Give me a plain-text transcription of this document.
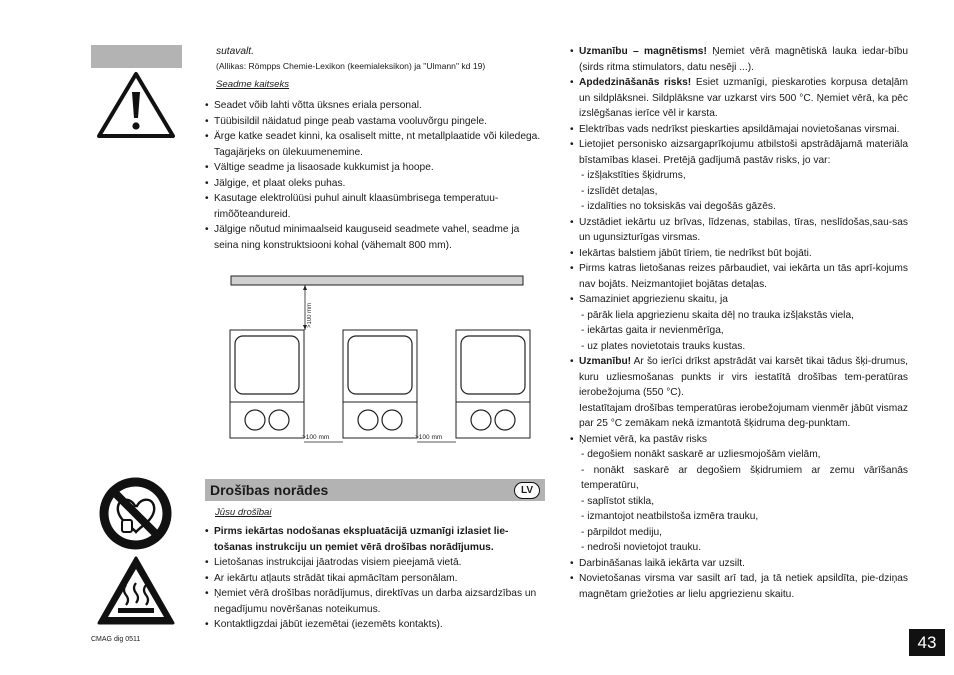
sutavalt.
(Allikas: Römpps Chemie-Lexikon (keemialeksikon) ja "Ulmann" kd 19)
Seadme kaitseks
• Seadet võib lahti võtta üksnes eriala personal.
• Tüübisildil näidatud pinge peab vastama vooluvõrgu pingele.
• Ärge katke seadet kinni, ka osaliselt mitte, nt metallplaatide või kiledega. Tagajärjeks on ülekuumenemine.
• Vältige seadme ja lisaosade kukkumist ja hoope.
• Jälgige, et plaat oleks puhas.
• Kasutage elektrolüüsi puhul ainult klaasümbrisega temperatuu-rimõõteandureid.
• Jälgige nõutud minimaalseid kauguseid seadmete vahel, seadme ja seina ning konstruktsiooni kohal (vähemalt 800 mm).
>100 mm
>100 mm	>100 mm
Drošības norādes	LV
Jūsu drošībai
• Pirms iekārtas nodošanas ekspluatācijā uzmanīgi izlasiet lie-tošanas instrukciju un ņemiet vērā drošības norādījumus.
• Lietošanas instrukcijai jāatrodas visiem pieejamā vietā.
• Ar iekārtu atļauts strādāt tikai apmācītam personālam.
• Ņemiet vērā drošības norādījumus, direktīvas un darba aizsardzības un negadījumu novēršanas noteikumus.
• Kontaktligzdai jābūt iezemētai (iezemēts kontakts).
• Uzmanību – magnētisms! Ņemiet vērā magnētiskā lauka iedar-bību (sirds ritma stimulators, datu nesēji ...).
• Apdedzināšanās risks! Esiet uzmanīgi, pieskaroties korpusa detaļām un sildplāksnei. Sildplāksne var uzkarst virs 500 °C. Ņemiet vērā, ka pēc izslēgšanas ierīce vēl ir karsta.
• Elektrības vads nedrīkst pieskarties apsildāmajai novietošanas virsmai.
• Lietojiet personisko aizsargaprīkojumu atbilstoši apstrādājamā materiāla bīstamības klasei. Pretējā gadījumā pastāv risks, jo var:
- izšļakstīties šķidrums,
- izslīdēt detaļas,
- izdalīties no toksiskās vai degošās gāzēs.
• Uzstādiet iekārtu uz brīvas, līdzenas, stabilas, tīras, neslīdošas,sau-sas un ugunsizturīgas virsmas.
• Iekārtas balstiem jābūt tīriem, tie nedrīkst būt bojāti.
• Pirms katras lietošanas reizes pārbaudiet, vai iekārta un tās aprī-kojums nav bojāts. Neizmantojiet bojātas detaļas.
• Samaziniet apgriezienu skaitu, ja
- pārāk liela apgriezienu skaita dēļ no trauka izšļakstās viela,
- iekārtas gaita ir nevienmērīga,
- uz plates novietotais trauks kustas.
• Uzmanību! Ar šo ierīci drīkst apstrādāt vai karsēt tikai tādus šķi-drumus, kuru uzliesmošanas punkts ir virs iestatītā drošības tem-peratūras ierobežojuma (550 °C).
Iestatītajam drošības temperatūras ierobežojumam vienmēr jābūt vismaz par 25 °C zemākam nekā izmantotā šķidruma deg-punktam.
• Ņemiet vērā, ka pastāv risks
- degošiem nonākt saskarē ar uzliesmojošām vielām,
- nonākt saskarē ar degošiem šķidrumiem ar zemu vārīšanās temperatūru,
- saplīstot stikla,
- izmantojot neatbilstoša izmēra trauku,
- pārpildot mediju,
- nedroši novietojot trauku.
• Darbināšanas laikā iekārta var uzsilt.
• Novietošanas virsma var sasilt arī tad, ja tā netiek apsildīta, pie-dziņas magnētam griežoties ar lielu apgriezienu skaitu.
CMAG dig 0511	43
